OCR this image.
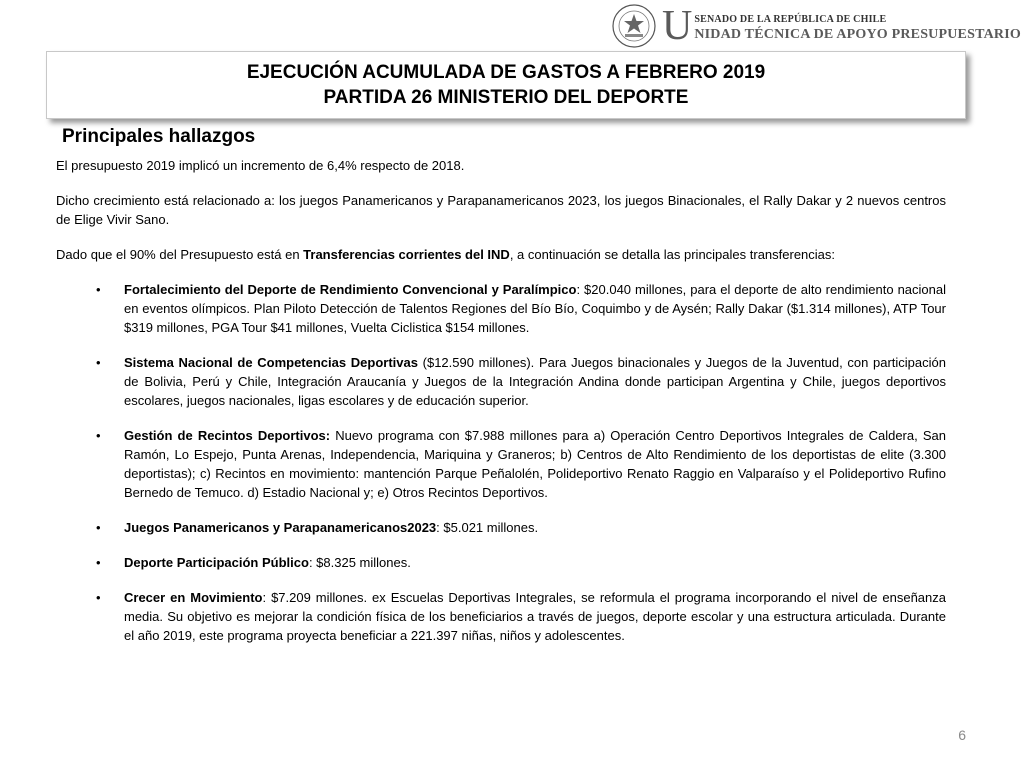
U SENADO DE LA REPÚBLICA DE CHILE
NIDAD TÉCNICA DE APOYO PRESUPUESTARIO
EJECUCIÓN ACUMULADA DE GASTOS A FEBRERO 2019
PARTIDA 26 MINISTERIO DEL DEPORTE
Principales hallazgos

El presupuesto 2019 implicó un incremento de 6,4% respecto de 2018.

Dicho crecimiento está relacionado a: los juegos Panamericanos y Parapanamericanos 2023, los juegos Binacionales, el Rally Dakar y 2 nuevos centros de Elige Vivir Sano.

Dado que el 90% del Presupuesto está en Transferencias corrientes del IND, a continuación se detalla las principales transferencias:

• Fortalecimiento del Deporte de Rendimiento Convencional y Paralímpico: $20.040 millones, para el deporte de alto rendimiento nacional en eventos olímpicos. Plan Piloto Detección de Talentos Regiones del Bío Bío, Coquimbo y de Aysén; Rally Dakar ($1.314 millones), ATP Tour $319 millones, PGA Tour $41 millones, Vuelta Ciclistica $154 millones.
• Sistema Nacional de Competencias Deportivas ($12.590 millones). Para Juegos binacionales y Juegos de la Juventud, con participación de Bolivia, Perú y Chile, Integración Araucanía y Juegos de la Integración Andina donde participan Argentina y Chile, juegos deportivos escolares, juegos nacionales, ligas escolares y de educación superior.
• Gestión de Recintos Deportivos: Nuevo programa con $7.988 millones para a) Operación Centro Deportivos Integrales de Caldera, San Ramón, Lo Espejo, Punta Arenas, Independencia, Mariquina y Graneros; b) Centros de Alto Rendimiento de los deportistas de elite (3.300 deportistas); c) Recintos en movimiento: mantención Parque Peñalolén, Polideportivo Renato Raggio en Valparaíso y el Polideportivo Rufino Bernedo de Temuco. d) Estadio Nacional y; e) Otros Recintos Deportivos.
• Juegos Panamericanos y Parapanamericanos2023: $5.021 millones.
• Deporte Participación Público: $8.325 millones.
• Crecer en Movimiento: $7.209 millones. ex Escuelas Deportivas Integrales, se reformula el programa incorporando el nivel de enseñanza media. Su objetivo es mejorar la condición física de los beneficiarios a través de juegos, deporte escolar y una estructura articulada. Durante el año 2019, este programa proyecta beneficiar a 221.397 niñas, niños y adolescentes.
6
